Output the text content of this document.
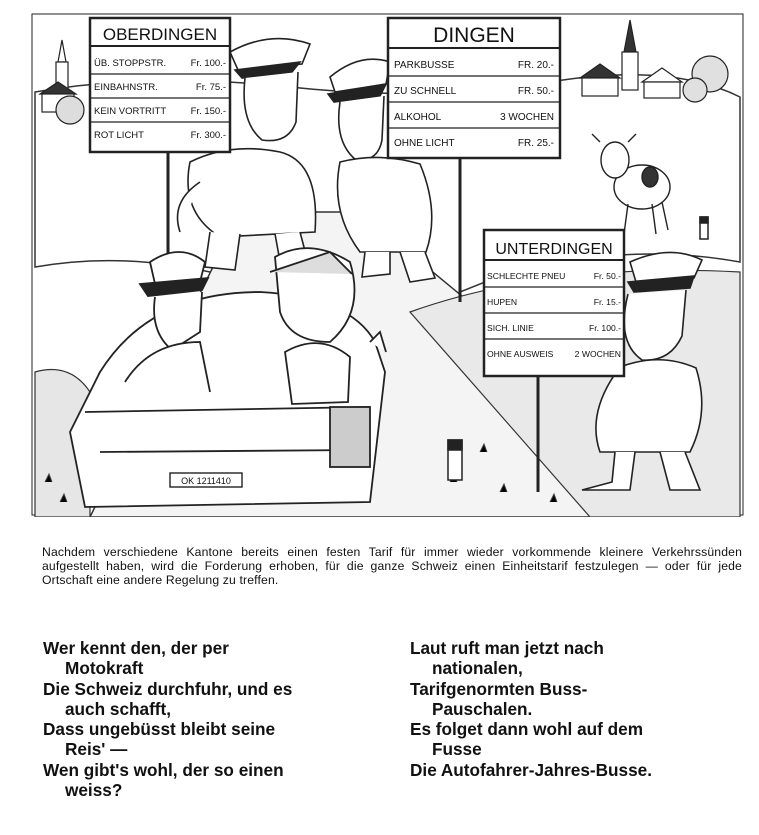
OK 1211410
OBERDINGEN
ÜB. STOPPSTR.	Fr. 100.-
EINBAHNSTR.	Fr. 75.-
KEIN VORTRITT	Fr. 150.-
ROT LICHT	Fr. 300.-
DINGEN
PARKBUSSE	FR. 20.-
ZU SCHNELL	FR. 50.-
ALKOHOL	3 WOCHEN
OHNE LICHT	FR. 25.-
UNTERDINGEN
SCHLECHTE PNEU	Fr. 50.-
HUPEN	Fr. 15.-
SICH. LINIE	Fr. 100.-
OHNE AUSWEIS 2 WOCHEN
Nachdem verschiedene Kantone bereits einen festen Tarif für immer wieder vorkommende kleinere Verkehrssünden aufgestellt haben, wird die Forderung erhoben, für die ganze Schweiz einen Einheitstarif festzulegen — oder für jede Ortschaft eine andere Regelung zu treffen.
Wer kennt den, der per
Motokraft
Die Schweiz durchfuhr, und es
auch schafft,
Dass ungebüsst bleibt seine
Reis' —
Wen gibt's wohl, der so einen
weiss?
Laut ruft man jetzt nach
nationalen,
Tarifgenormten Buss-
Pauschalen.
Es folget dann wohl auf dem
Fusse
Die Autofahrer-Jahres-Busse.
